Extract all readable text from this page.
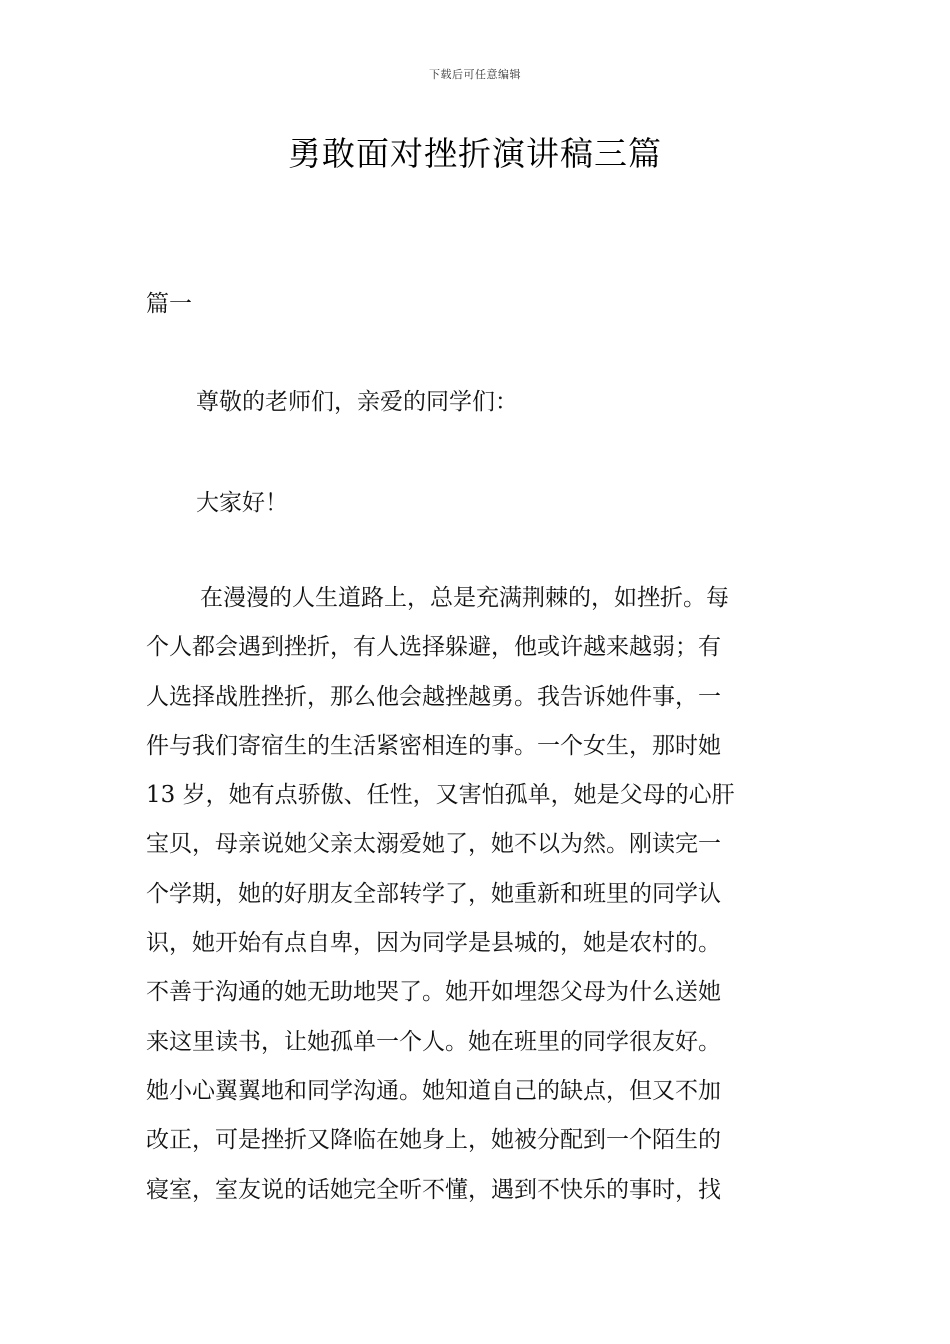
下载后可任意编辑
勇敢面对挫折演讲稿三篇
篇一
尊敬的老师们，亲爱的同学们：
大家好！
在漫漫的人生道路上，总是充满荆棘的，如挫折。每
个人都会遇到挫折，有人选择躲避，他或许越来越弱；有
人选择战胜挫折，那么他会越挫越勇。我告诉她件事，一
件与我们寄宿生的生活紧密相连的事。一个女生，那时她
13 岁，她有点骄傲、任性，又害怕孤单，她是父母的心肝
宝贝，母亲说她父亲太溺爱她了，她不以为然。刚读完一
个学期，她的好朋友全部转学了，她重新和班里的同学认
识，她开始有点自卑，因为同学是县城的，她是农村的。
不善于沟通的她无助地哭了。她开如埋怨父母为什么送她
来这里读书，让她孤单一个人。她在班里的同学很友好。
她小心翼翼地和同学沟通。她知道自己的缺点，但又不加
改正，可是挫折又降临在她身上，她被分配到一个陌生的
寝室，室友说的话她完全听不懂，遇到不快乐的事时，找
